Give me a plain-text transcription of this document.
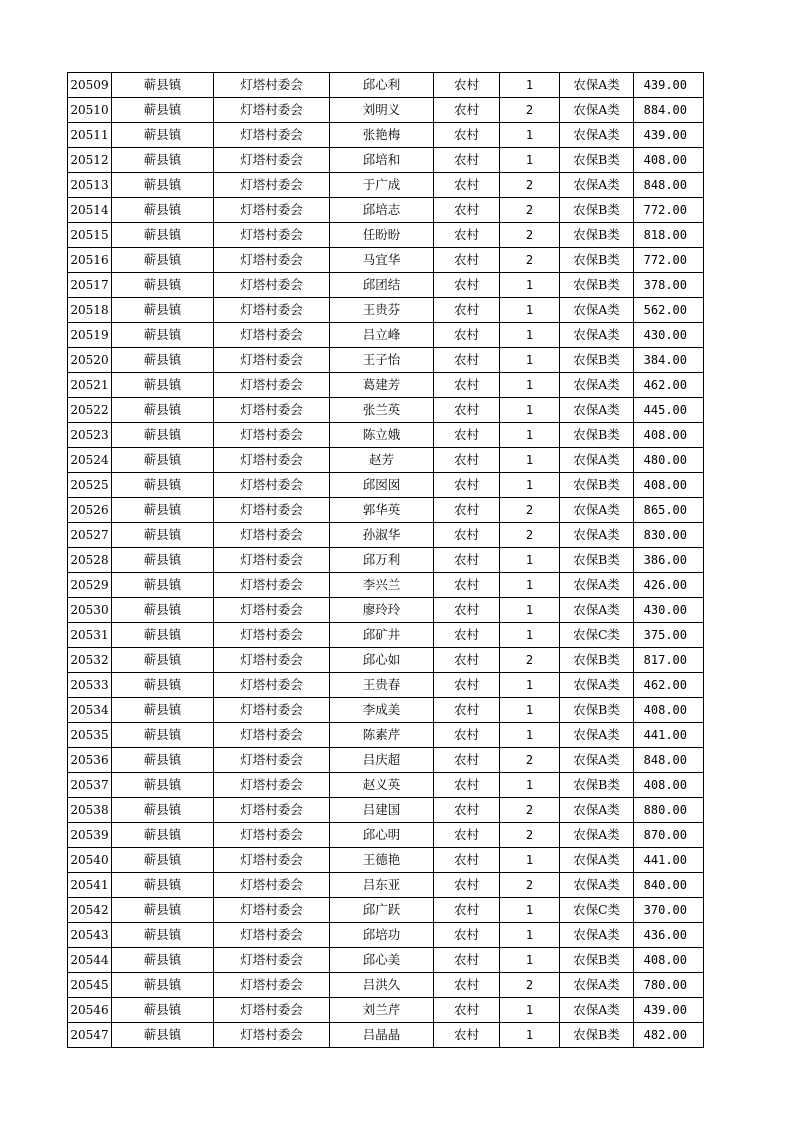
20509	蕲县镇	灯塔村委会	邱心利	农村	1	农保A类	439.00
20510	蕲县镇	灯塔村委会	刘明义	农村	2	农保A类	884.00
20511	蕲县镇	灯塔村委会	张艳梅	农村	1	农保A类	439.00
20512	蕲县镇	灯塔村委会	邱培和	农村	1	农保B类	408.00
20513	蕲县镇	灯塔村委会	于广成	农村	2	农保A类	848.00
20514	蕲县镇	灯塔村委会	邱培志	农村	2	农保B类	772.00
20515	蕲县镇	灯塔村委会	任盼盼	农村	2	农保B类	818.00
20516	蕲县镇	灯塔村委会	马宜华	农村	2	农保B类	772.00
20517	蕲县镇	灯塔村委会	邱团结	农村	1	农保B类	378.00
20518	蕲县镇	灯塔村委会	王贵芬	农村	1	农保A类	562.00
20519	蕲县镇	灯塔村委会	吕立峰	农村	1	农保A类	430.00
20520	蕲县镇	灯塔村委会	王子怡	农村	1	农保B类	384.00
20521	蕲县镇	灯塔村委会	葛建芳	农村	1	农保A类	462.00
20522	蕲县镇	灯塔村委会	张兰英	农村	1	农保A类	445.00
20523	蕲县镇	灯塔村委会	陈立娥	农村	1	农保B类	408.00
20524	蕲县镇	灯塔村委会	赵芳	农村	1	农保A类	480.00
20525	蕲县镇	灯塔村委会	邱囡囡	农村	1	农保B类	408.00
20526	蕲县镇	灯塔村委会	郭华英	农村	2	农保A类	865.00
20527	蕲县镇	灯塔村委会	孙淑华	农村	2	农保A类	830.00
20528	蕲县镇	灯塔村委会	邱万利	农村	1	农保B类	386.00
20529	蕲县镇	灯塔村委会	李兴兰	农村	1	农保A类	426.00
20530	蕲县镇	灯塔村委会	廖玲玲	农村	1	农保A类	430.00
20531	蕲县镇	灯塔村委会	邱矿井	农村	1	农保C类	375.00
20532	蕲县镇	灯塔村委会	邱心如	农村	2	农保B类	817.00
20533	蕲县镇	灯塔村委会	王贵春	农村	1	农保A类	462.00
20534	蕲县镇	灯塔村委会	李成美	农村	1	农保B类	408.00
20535	蕲县镇	灯塔村委会	陈素芹	农村	1	农保A类	441.00
20536	蕲县镇	灯塔村委会	吕庆超	农村	2	农保A类	848.00
20537	蕲县镇	灯塔村委会	赵义英	农村	1	农保B类	408.00
20538	蕲县镇	灯塔村委会	吕建国	农村	2	农保A类	880.00
20539	蕲县镇	灯塔村委会	邱心明	农村	2	农保A类	870.00
20540	蕲县镇	灯塔村委会	王德艳	农村	1	农保A类	441.00
20541	蕲县镇	灯塔村委会	吕东亚	农村	2	农保A类	840.00
20542	蕲县镇	灯塔村委会	邱广跃	农村	1	农保C类	370.00
20543	蕲县镇	灯塔村委会	邱培功	农村	1	农保A类	436.00
20544	蕲县镇	灯塔村委会	邱心美	农村	1	农保B类	408.00
20545	蕲县镇	灯塔村委会	吕洪久	农村	2	农保A类	780.00
20546	蕲县镇	灯塔村委会	刘兰芹	农村	1	农保A类	439.00
20547	蕲县镇	灯塔村委会	吕晶晶	农村	1	农保B类	482.00
